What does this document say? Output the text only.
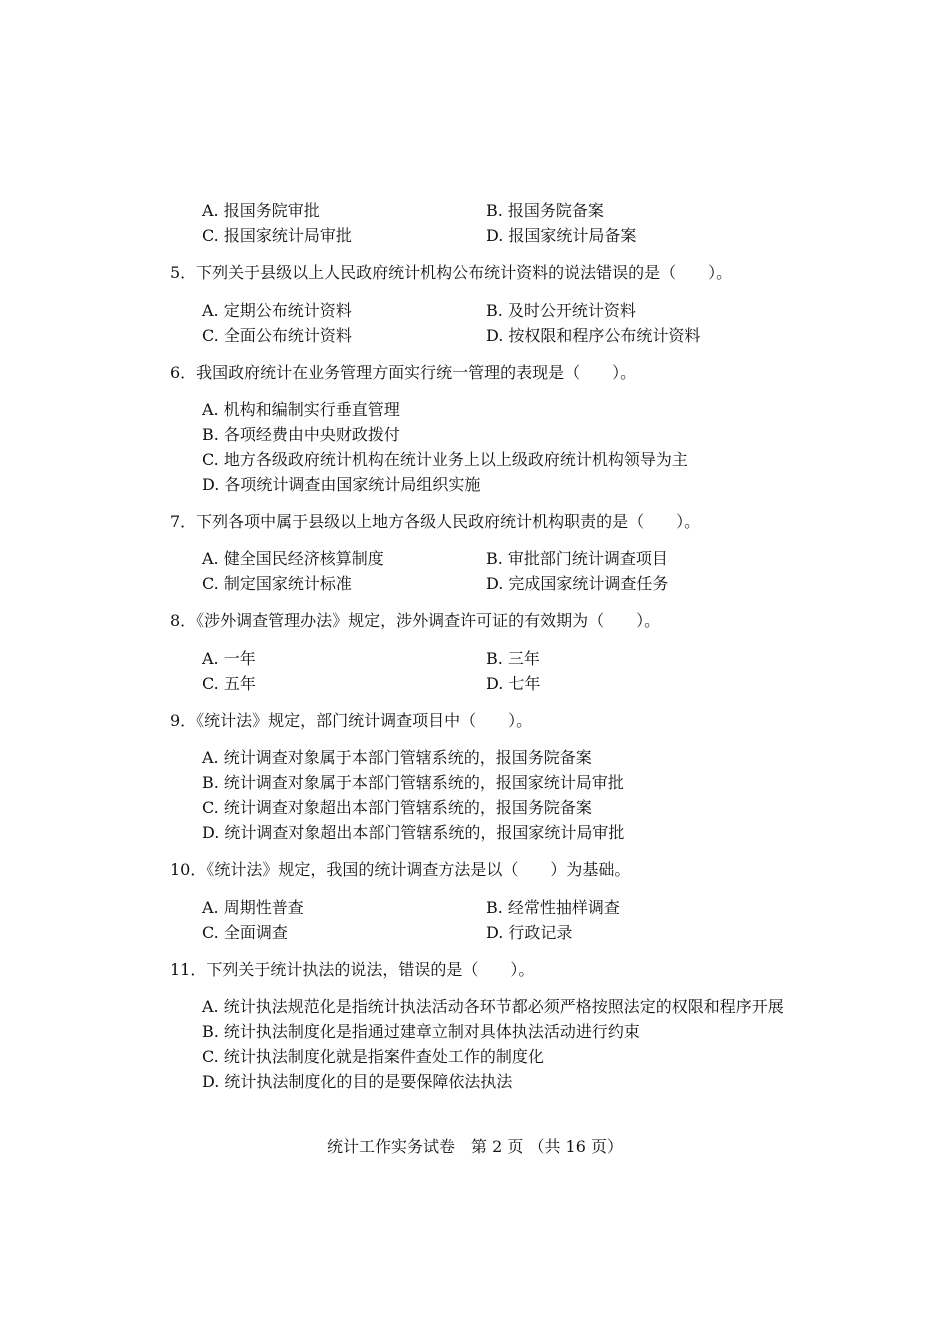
A. 报国务院审批	B. 报国务院备案
C. 报国家统计局审批	D. 报国家统计局备案
5．下列关于县级以上人民政府统计机构公布统计资料的说法错误的是（　　）。
A. 定期公布统计资料	B. 及时公开统计资料
C. 全面公布统计资料	D. 按权限和程序公布统计资料
6．我国政府统计在业务管理方面实行统一管理的表现是（　　）。
A. 机构和编制实行垂直管理
B. 各项经费由中央财政拨付
C. 地方各级政府统计机构在统计业务上以上级政府统计机构领导为主
D. 各项统计调查由国家统计局组织实施
7．下列各项中属于县级以上地方各级人民政府统计机构职责的是（　　）。
A. 健全国民经济核算制度	B. 审批部门统计调查项目
C. 制定国家统计标准	D. 完成国家统计调查任务
8．《涉外调查管理办法》规定，涉外调查许可证的有效期为（　　）。
A. 一年	B. 三年
C. 五年	D. 七年
9．《统计法》规定，部门统计调查项目中（　　）。
A. 统计调查对象属于本部门管辖系统的，报国务院备案
B. 统计调查对象属于本部门管辖系统的，报国家统计局审批
C. 统计调查对象超出本部门管辖系统的，报国务院备案
D. 统计调查对象超出本部门管辖系统的，报国家统计局审批
10．《统计法》规定，我国的统计调查方法是以（　　）为基础。
A. 周期性普查	B. 经常性抽样调查
C. 全面调查	D. 行政记录
11．下列关于统计执法的说法，错误的是（　　）。
A. 统计执法规范化是指统计执法活动各环节都必须严格按照法定的权限和程序开展
B. 统计执法制度化是指通过建章立制对具体执法活动进行约束
C. 统计执法制度化就是指案件查处工作的制度化
D. 统计执法制度化的目的是要保障依法执法
统计工作实务试卷　第 2 页 （共 16 页）
